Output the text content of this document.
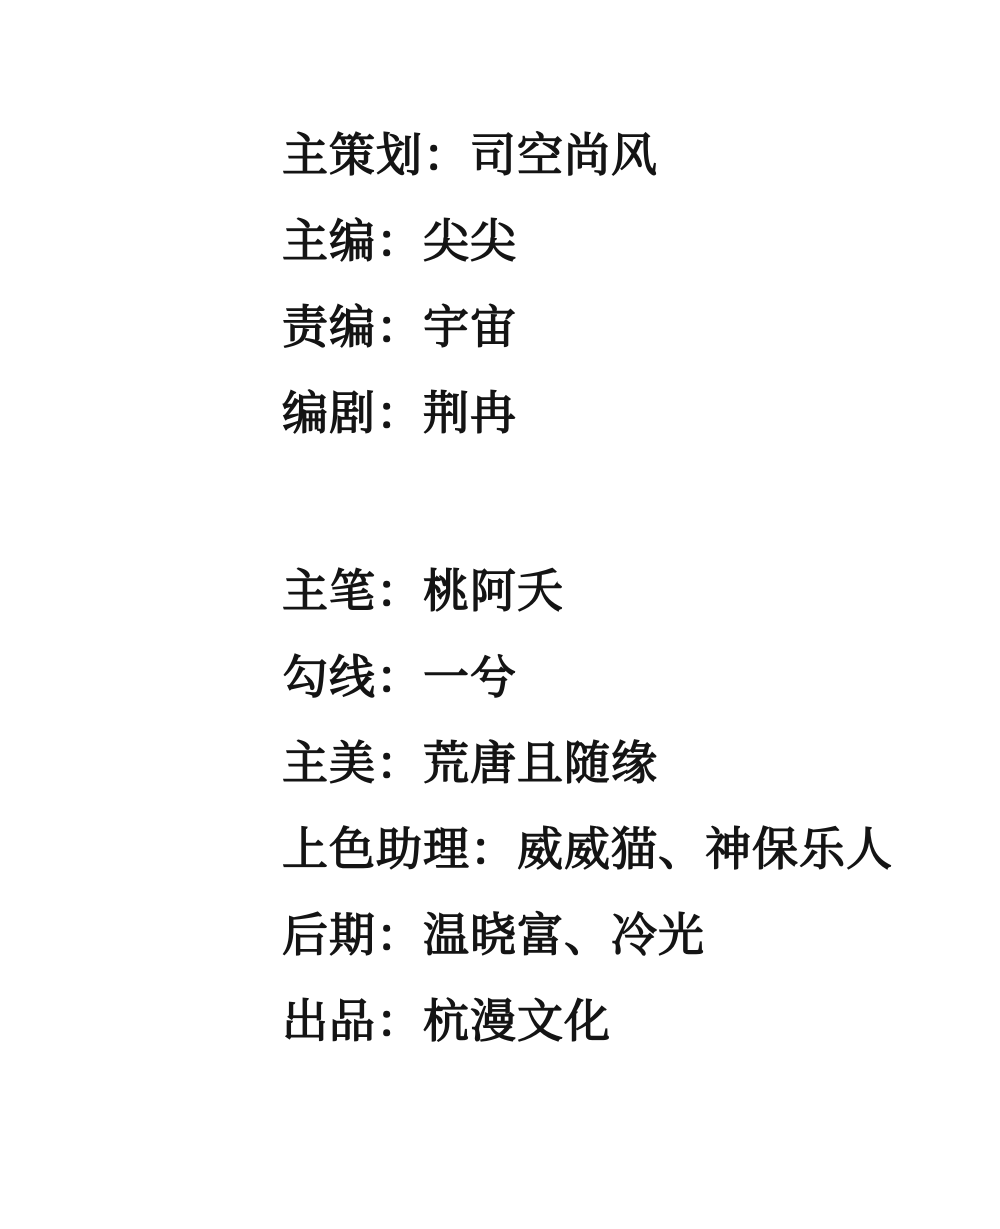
主策划：司空尚风
主编：尖尖
责编：宇宙
编剧：荆冉
主笔：桃阿夭
勾线：一兮
主美：荒唐且随缘
上色助理：威威猫、神保乐人
后期：温晓富、冷光
出品：杭漫文化
